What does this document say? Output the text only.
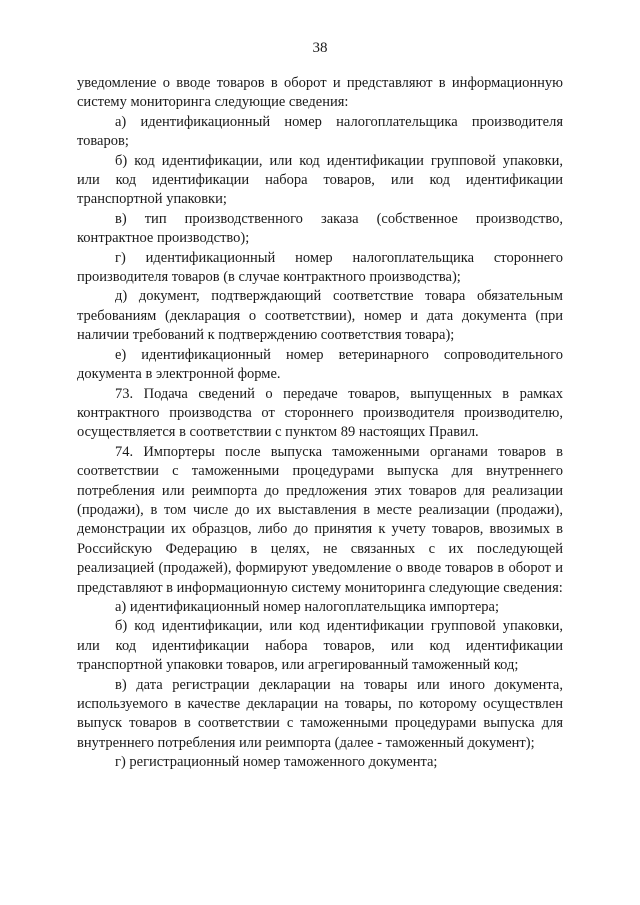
38

уведомление о вводе товаров в оборот и представляют в информационную систему мониторинга следующие сведения:

а) идентификационный номер налогоплательщика производителя товаров;

б) код идентификации, или код идентификации групповой упаковки, или код идентификации набора товаров, или код идентификации транспортной упаковки;

в) тип производственного заказа (собственное производство, контрактное производство);

г) идентификационный номер налогоплательщика стороннего производителя товаров (в случае контрактного производства);

д) документ, подтверждающий соответствие товара обязательным требованиям (декларация о соответствии), номер и дата документа (при наличии требований к подтверждению соответствия товара);

е) идентификационный номер ветеринарного сопроводительного документа в электронной форме.

73. Подача сведений о передаче товаров, выпущенных в рамках контрактного производства от стороннего производителя производителю, осуществляется в соответствии с пунктом 89 настоящих Правил.

74. Импортеры после выпуска таможенными органами товаров в соответствии с таможенными процедурами выпуска для внутреннего потребления или реимпорта до предложения этих товаров для реализации (продажи), в том числе до их выставления в месте реализации (продажи), демонстрации их образцов, либо до принятия к учету товаров, ввозимых в Российскую Федерацию в целях, не связанных с их последующей реализацией (продажей), формируют уведомление о вводе товаров в оборот и представляют в информационную систему мониторинга следующие сведения:

а) идентификационный номер налогоплательщика импортера;

б) код идентификации, или код идентификации групповой упаковки, или код идентификации набора товаров, или код идентификации транспортной упаковки товаров, или агрегированный таможенный код;

в) дата регистрации декларации на товары или иного документа, используемого в качестве декларации на товары, по которому осуществлен выпуск товаров в соответствии с таможенными процедурами выпуска для внутреннего потребления или реимпорта (далее - таможенный документ);

г) регистрационный номер таможенного документа;
